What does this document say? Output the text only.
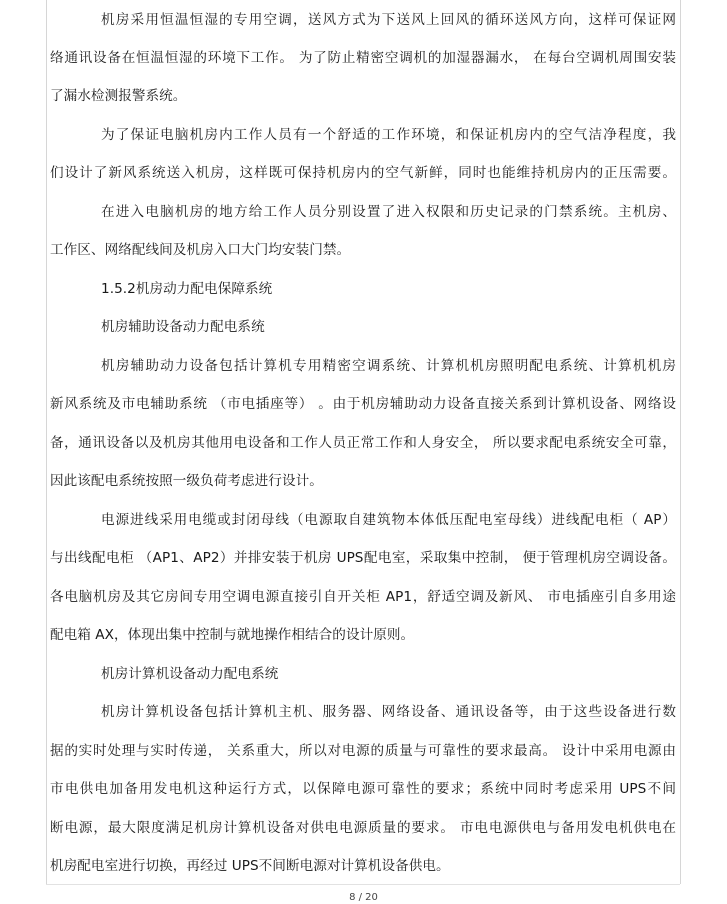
机房采用恒温恒湿的专用空调，送风方式为下送风上回风的循环送风方向，这样可保证网
络通讯设备在恒温恒湿的环境下工作。 为了防止精密空调机的加湿器漏水， 在每台空调机周围安装
了漏水检测报警系统。
为了保证电脑机房内工作人员有一个舒适的工作环境，和保证机房内的空气洁净程度，我
们设计了新风系统送入机房，这样既可保持机房内的空气新鲜，同时也能维持机房内的正压需要。
在进入电脑机房的地方给工作人员分别设置了进入权限和历史记录的门禁系统。主机房、
工作区、网络配线间及机房入口大门均安装门禁。
1.5.2机房动力配电保障系统
机房辅助设备动力配电系统
机房辅助动力设备包括计算机专用精密空调系统、计算机机房照明配电系统、计算机机房
新风系统及市电辅助系统 （市电插座等） 。由于机房辅助动力设备直接关系到计算机设备、网络设
备，通讯设备以及机房其他用电设备和工作人员正常工作和人身安全， 所以要求配电系统安全可靠，
因此该配电系统按照一级负荷考虑进行设计。
电源进线采用电缆或封闭母线（电源取自建筑物本体低压配电室母线）进线配电柜（ AP）
与出线配电柜 （AP1、AP2）并排安装于机房 UPS配电室，采取集中控制， 便于管理机房空调设备。
各电脑机房及其它房间专用空调电源直接引自开关柜 AP1，舒适空调及新风、 市电插座引自多用途
配电箱 AX，体现出集中控制与就地操作相结合的设计原则。
机房计算机设备动力配电系统
机房计算机设备包括计算机主机、服务器、网络设备、通讯设备等，由于这些设备进行数
据的实时处理与实时传递， 关系重大，所以对电源的质量与可靠性的要求最高。 设计中采用电源由
市电供电加备用发电机这种运行方式，以保障电源可靠性的要求；系统中同时考虑采用 UPS不间
断电源，最大限度满足机房计算机设备对供电电源质量的要求。 市电电源供电与备用发电机供电在
机房配电室进行切换，再经过 UPS不间断电源对计算机设备供电。
8 / 20
